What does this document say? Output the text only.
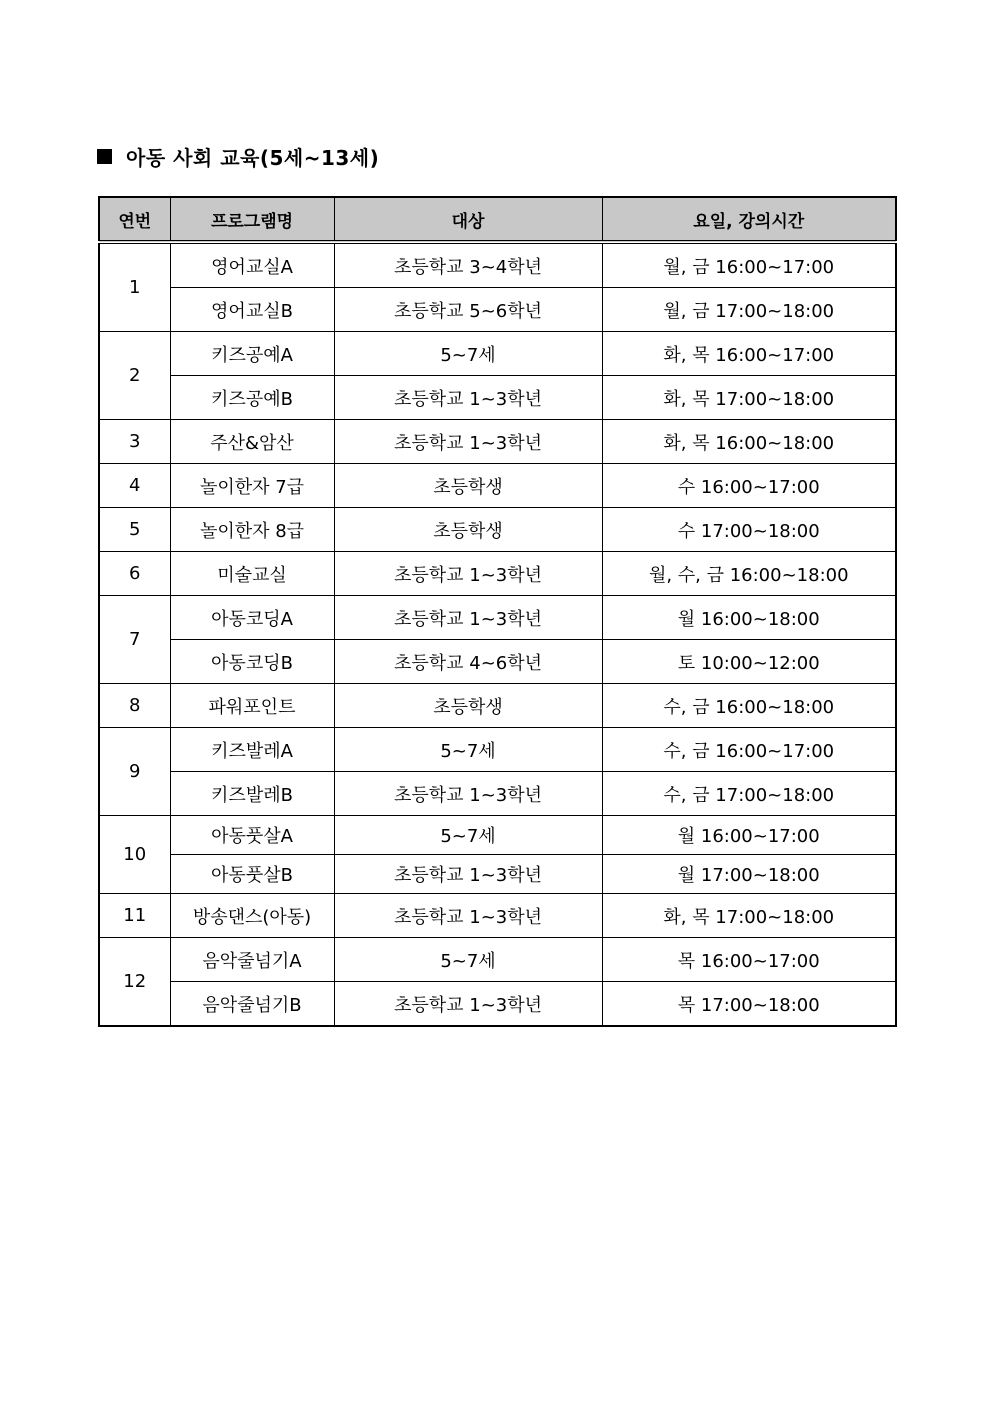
아동 사회 교육(5세~13세)
연번	프로그램명	대상	요일, 강의시간
1	영어교실A	초등학교 3~4학년	월, 금 16:00~17:00
	영어교실B	초등학교 5~6학년	월, 금 17:00~18:00
2	키즈공예A	5~7세	화, 목 16:00~17:00
	키즈공예B	초등학교 1~3학년	화, 목 17:00~18:00
3	주산&암산	초등학교 1~3학년	화, 목 16:00~18:00
4	놀이한자 7급	초등학생	수 16:00~17:00
5	놀이한자 8급	초등학생	수 17:00~18:00
6	미술교실	초등학교 1~3학년	월, 수, 금 16:00~18:00
7	아동코딩A	초등학교 1~3학년	월 16:00~18:00
	아동코딩B	초등학교 4~6학년	토 10:00~12:00
8	파워포인트	초등학생	수, 금 16:00~18:00
9	키즈발레A	5~7세	수, 금 16:00~17:00
	키즈발레B	초등학교 1~3학년	수, 금 17:00~18:00
10	아동풋살A	5~7세	월 16:00~17:00
	아동풋살B	초등학교 1~3학년	월 17:00~18:00
11	방송댄스(아동)	초등학교 1~3학년	화, 목 17:00~18:00
12	음악줄넘기A	5~7세	목 16:00~17:00
	음악줄넘기B	초등학교 1~3학년	목 17:00~18:00
